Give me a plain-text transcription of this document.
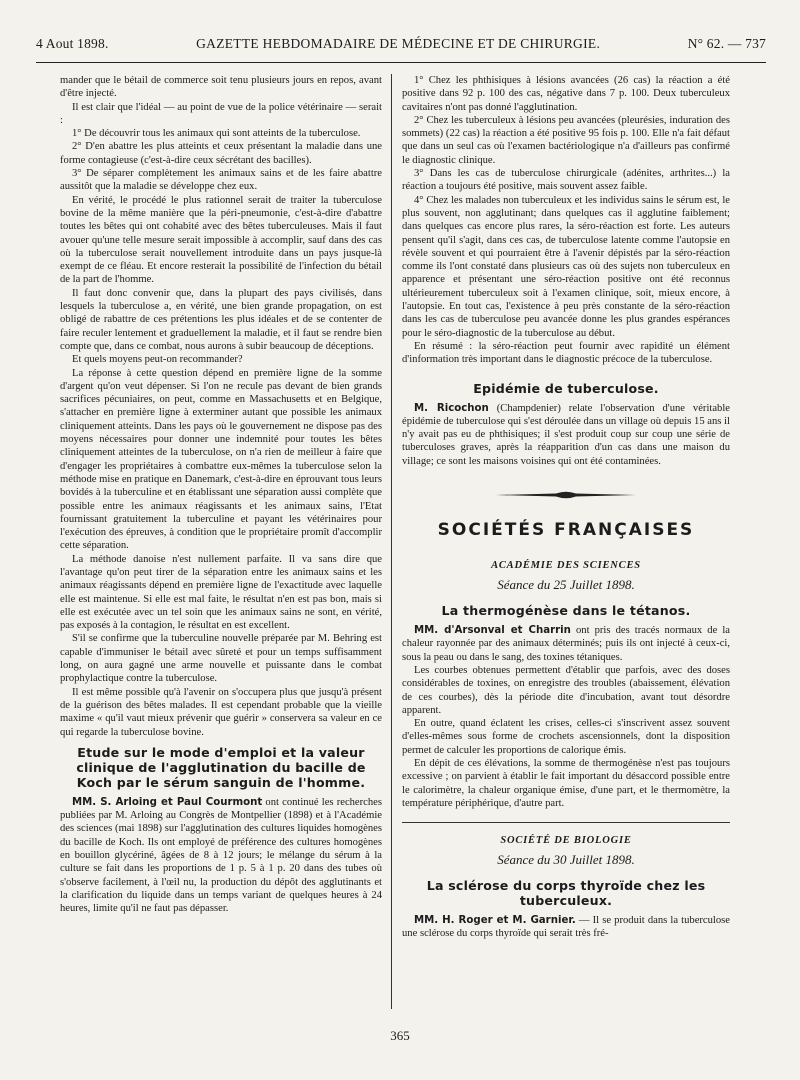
4 Aout 1898.	GAZETTE HEBDOMADAIRE DE MÉDECINE ET DE CHIRURGIE.	N° 62. — 737

mander que le bétail de commerce soit tenu plusieurs jours en repos, avant d'être injecté.

Il est clair que l'idéal — au point de vue de la police vétérinaire — serait :

1° De découvrir tous les animaux qui sont atteints de la tuberculose.

2° D'en abattre les plus atteints et ceux présentant la maladie dans une forme contagieuse (c'est-à-dire ceux sécrétant des bacilles).

3° De séparer complètement les animaux sains et de les faire abattre aussitôt que la maladie se développe chez eux.

En vérité, le procédé le plus rationnel serait de traiter la tuberculose bovine de la même manière que la péri-pneumonie, c'est-à-dire d'abattre toutes les bêtes qui ont cohabité avec des bêtes tuberculeuses. Mais il faut avouer qu'une telle mesure serait impossible à accomplir, sauf dans des cas où la tuberculose serait nouvellement introduite dans un pays jusque-là exempt de ce fléau. Et encore resterait la possibilité de l'infection du bétail de la part de l'homme.

Il faut donc convenir que, dans la plupart des pays civilisés, dans lesquels la tuberculose a, en vérité, une bien grande propagation, on est obligé de rabattre de ces prétentions les plus idéales et de se contenter de faire reculer lentement et graduellement la maladie, et il faut se rendre bien compte que, dans ce combat, nous aurons à subir beaucoup de déceptions.

Et quels moyens peut-on recommander?

La réponse à cette question dépend en première ligne de la somme d'argent qu'on veut dépenser. Si l'on ne recule pas devant de bien grands sacrifices pécuniaires, on peut, comme en Massachusetts et en Belgique, s'attacher en première ligne à exterminer autant que possible les animaux cliniquement atteints. Dans les pays où le gouvernement ne dispose pas des moyens nécessaires pour donner une indemnité pour toutes les bêtes cliniquement atteintes de la tuberculose, on n'a rien de meilleur à faire que d'engager les propriétaires à combattre eux-mêmes la tuberculose selon la méthode mise en pratique en Danemark, c'est-à-dire en éprouvant tous leurs bovidés à la tuberculine et en établissant une séparation aussi complète que possible entre les animaux réagissants et les animaux sains, l'Etat fournissant gratuitement la tuberculine et payant les vétérinaires pour l'exécution des épreuves, à condition que le propriétaire promît d'accomplir cette séparation.

La méthode danoise n'est nullement parfaite. Il va sans dire que l'avantage qu'on peut tirer de la séparation entre les animaux sains et les animaux réagissants dépend en première ligne de l'exactitude avec laquelle elle est maintenue. Si elle est mal faite, le résultat n'en est pas bon, mais si elle est exécutée avec un tel soin que les animaux sains ne sont, en vérité, pas exposés à la contagion, le résultat en est excellent.

S'il se confirme que la tuberculine nouvelle préparée par M. Behring est capable d'immuniser le bétail avec sûreté et pour un temps suffisamment long, on aura gagné une arme nouvelle et puissante dans le combat prophylactique contre la tuberculose.

Il est même possible qu'à l'avenir on s'occupera plus que jusqu'à présent de la guérison des bêtes malades. Il est cependant probable que la vieille maxime « qu'il vaut mieux prévenir que guérir » conservera sa valeur en ce qui regarde la tuberculose bovine.

Etude sur le mode d'emploi et la valeur clinique de l'agglutination du bacille de Koch par le sérum sanguin de l'homme.

MM. S. Arloing et Paul Courmont ont continué les recherches publiées par M. Arloing au Congrès de Montpellier (1898) et à l'Académie des sciences (mai 1898) sur l'agglutination des cultures liquides homogènes du bacille de Koch. Ils ont employé de préférence des cultures homogènes en bouillon glycériné, âgées de 8 à 12 jours; le mélange du sérum à la culture se fait dans les proportions de 1 p. 5 à 1 p. 20 dans des tubes où s'observe facilement, à l'œil nu, la production du dépôt des agglutinants et la clarification du liquide dans un temps variant de quelques heures à 24 heures, limite qu'il ne faut pas dépasser.

1° Chez les phthisiques à lésions avancées (26 cas) la réaction a été positive dans 92 p. 100 des cas, négative dans 7 p. 100. Deux tuberculeux cavitaires n'ont pas donné l'agglutination.

2° Chez les tuberculeux à lésions peu avancées (pleurésies, induration des sommets) (22 cas) la réaction a été positive 95 fois p. 100. Elle n'a fait défaut que dans un seul cas où l'examen bactériologique n'a d'ailleurs pas confirmé le diagnostic clinique.

3° Dans les cas de tuberculose chirurgicale (adénites, arthrites...) la réaction a toujours été positive, mais souvent assez faible.

4° Chez les malades non tuberculeux et les individus sains le sérum est, le plus souvent, non agglutinant; dans quelques cas il agglutine faiblement; dans quelques cas encore plus rares, la séro-réaction est forte. Les auteurs pensent qu'il s'agit, dans ces cas, de tuberculose latente comme l'autopsie en révèle souvent et qui pourraient être à l'avenir dépistés par la séro-réaction comme ils l'ont constaté dans plusieurs cas où des sujets non tuberculeux en apparence et présentant une séro-réaction positive ont été reconnus ultérieurement tuberculeux soit à l'examen clinique, soit, mieux encore, à l'autopsie. En tout cas, l'existence à peu près constante de la séro-réaction dans les cas de tuberculose peu avancée donne les plus grandes espérances pour le séro-diagnostic de la tuberculose au début.

En résumé : la séro-réaction peut fournir avec rapidité un élément d'information très important dans le diagnostic précoce de la tuberculose.

Epidémie de tuberculose.

M. Ricochon (Champdenier) relate l'observation d'une véritable épidémie de tuberculose qui s'est déroulée dans un village où depuis 15 ans il n'y avait pas eu de phthisiques; il s'est produit coup sur coup une série de tuberculoses graves, après la réapparition d'un cas dans une maison du village; ce sont les maisons voisines qui ont été contaminées.

SOCIÉTÉS FRANÇAISES
ACADÉMIE DES SCIENCES
Séance du 25 Juillet 1898.
La thermogénèse dans le tétanos.

MM. d'Arsonval et Charrin ont pris des tracés normaux de la chaleur rayonnée par des animaux déterminés; puis ils ont injecté à ceux-ci, sous la peau ou dans le sang, des toxines tétaniques.

Les courbes obtenues permettent d'établir que parfois, avec des doses considérables de toxines, on enregistre des troubles (abaissement, élévation de ces courbes), dès la période dite d'incubation, avant tout désordre apparent.

En outre, quand éclatent les crises, celles-ci s'inscrivent assez souvent d'elles-mêmes sous forme de crochets ascensionnels, dont la disposition permet de calculer les proportions de calorique émis.

En dépit de ces élévations, la somme de thermogénèse n'est pas toujours excessive ; on parvient à établir le fait important du désaccord possible entre le calorimètre, la chaleur organique émise, d'une part, et le thermomètre, la température périphérique, d'autre part.

SOCIÉTÉ DE BIOLOGIE
Séance du 30 Juillet 1898.
La sclérose du corps thyroïde chez les tuberculeux.

MM. H. Roger et M. Garnier. — Il se produit dans la tuberculose une sclérose du corps thyroïde qui serait très fré-

365
